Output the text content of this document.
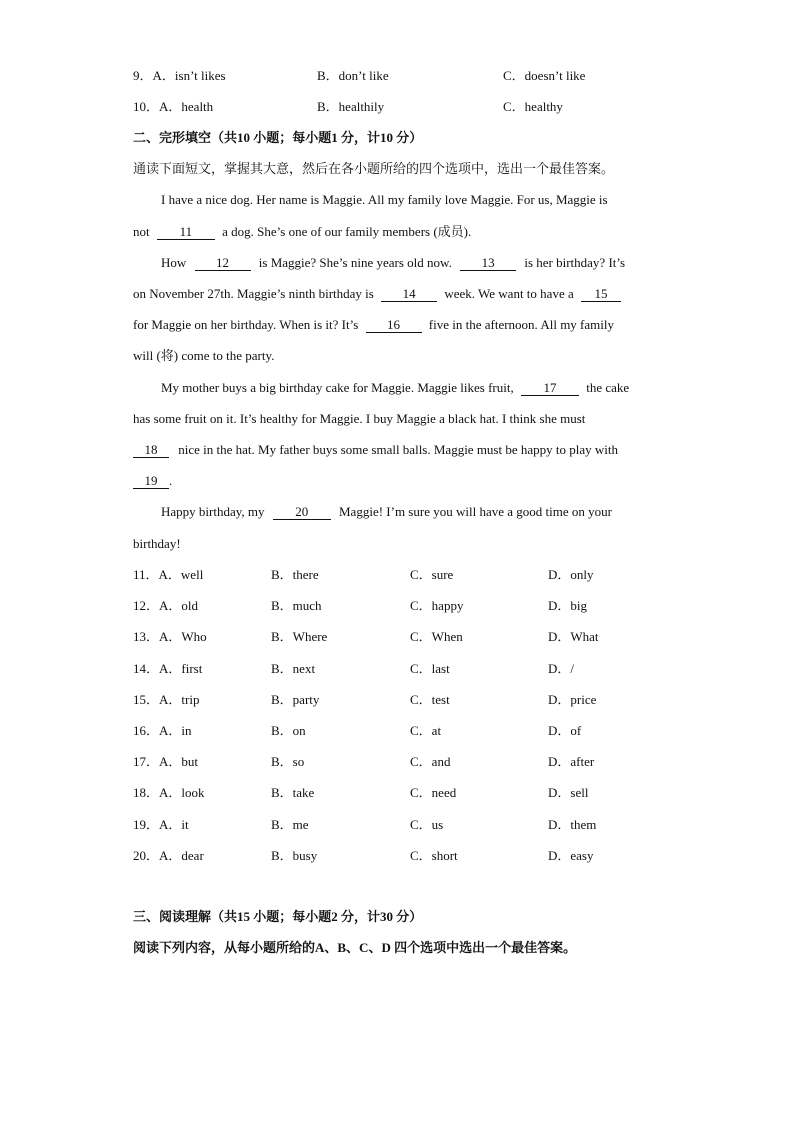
9．A．isn’t likes	B．don’t like	C．doesn’t like
10．A．health	B．healthily	C．healthy
二、完形填空（共10 小题；每小题1 分，计10 分）
通读下面短文，掌握其大意，然后在各小题所给的四个选项中，选出一个最佳答案。
I have a nice dog. Her name is Maggie. All my family love Maggie. For us, Maggie is
not 11 a dog. She’s one of our family members (成员).
How 12 is Maggie? She’s nine years old now. 13 is her birthday? It’s
on November 27th. Maggie’s ninth birthday is 14 week. We want to have a 15
for Maggie on her birthday. When is it? It’s 16 five in the afternoon. All my family
will (将) come to the party.
My mother buys a big birthday cake for Maggie. Maggie likes fruit, 17 the cake
has some fruit on it. It’s healthy for Maggie. I buy Maggie a black hat. I think she must
18 nice in the hat. My father buys some small balls. Maggie must be happy to play with
19 .
Happy birthday, my 20 Maggie! I’m sure you will have a good time on your
birthday!
11．A．well	B．there	C．sure	D．only
12．A．old	B．much	C．happy	D．big
13．A．Who	B．Where	C．When	D．What
14．A．first	B．next	C．last	D．/
15．A．trip	B．party	C．test	D．price
16．A．in	B．on	C．at	D．of
17．A．but	B．so	C．and	D．after
18．A．look	B．take	C．need	D．sell
19．A．it	B．me	C．us	D．them
20．A．dear	B．busy	C．short	D．easy
三、阅读理解（共15 小题；每小题2 分，计30 分）
阅读下列内容，从每小题所给的A、B、C、D 四个选项中选出一个最佳答案。
